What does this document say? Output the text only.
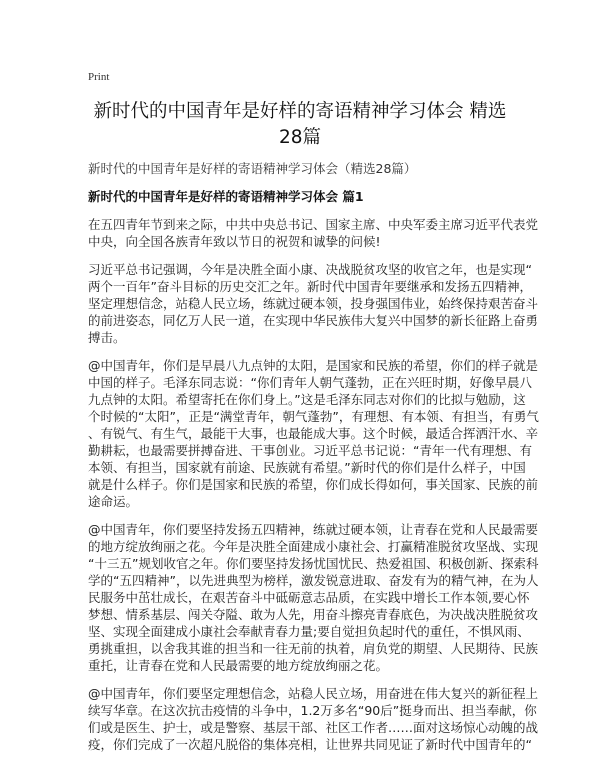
Print
新时代的中国青年是好样的寄语精神学习体会 精选28篇
新时代的中国青年是好样的寄语精神学习体会（精选28篇）
新时代的中国青年是好样的寄语精神学习体会 篇1
在五四青年节到来之际，中共中央总书记、国家主席、中央军委主席习近平代表党
中央，向全国各族青年致以节日的祝贺和诚挚的问候!
习近平总书记强调，今年是决胜全面小康、决战脱贫攻坚的收官之年，也是实现“
两个一百年”奋斗目标的历史交汇之年。新时代中国青年要继承和发扬五四精神，
坚定理想信念，站稳人民立场，练就过硬本领，投身强国伟业，始终保持艰苦奋斗
的前进姿态，同亿万人民一道，在实现中华民族伟大复兴中国梦的新长征路上奋勇
搏击。
@中国青年，你们是早晨八九点钟的太阳，是国家和民族的希望，你们的样子就是
中国的样子。毛泽东同志说：“你们青年人朝气蓬勃，正在兴旺时期，好像早晨八
九点钟的太阳。希望寄托在你们身上。”这是毛泽东同志对你们的比拟与勉励，这
个时候的“太阳”，正是“满堂青年，朝气蓬勃”，有理想、有本领、有担当，有勇气
、有锐气、有生气，最能干大事，也最能成大事。这个时候，最适合挥洒汗水、辛
勤耕耘，也最需要拼搏奋进、干事创业。习近平总书记说：“青年一代有理想、有
本领、有担当，国家就有前途、民族就有希望。”新时代的你们是什么样子，中国
就是什么样子。你们是国家和民族的希望，你们成长得如何，事关国家、民族的前
途命运。
@中国青年，你们要坚持发扬五四精神，练就过硬本领，让青春在党和人民最需要
的地方绽放绚丽之花。今年是决胜全面建成小康社会、打赢精准脱贫攻坚战、实现
“十三五”规划收官之年。你们要坚持发扬忧国忧民、热爱祖国、积极创新、探索科
学的“五四精神”，以先进典型为榜样，激发锐意进取、奋发有为的精气神，在为人
民服务中茁壮成长，在艰苦奋斗中砥砺意志品质，在实践中增长工作本领,要心怀
梦想、情系基层、闯关夺隘、敢为人先，用奋斗擦亮青春底色，为决战决胜脱贫攻
坚、实现全面建成小康社会奉献青春力量;要自觉担负起时代的重任，不惧风雨、
勇挑重担，以舍我其谁的担当和一往无前的执着，肩负党的期望、人民期待、民族
重托，让青春在党和人民最需要的地方绽放绚丽之花。
@中国青年，你们要坚定理想信念，站稳人民立场，用奋进在伟大复兴的新征程上
续写华章。在这次抗击疫情的斗争中，1.2万多名“90后”挺身而出、担当奉献，你
们或是医生、护士，或是警察、基层干部、社区工作者……面对这场惊心动魄的战
疫，你们完成了一次超凡脱俗的集体亮相，让世界共同见证了新时代中国青年的“
